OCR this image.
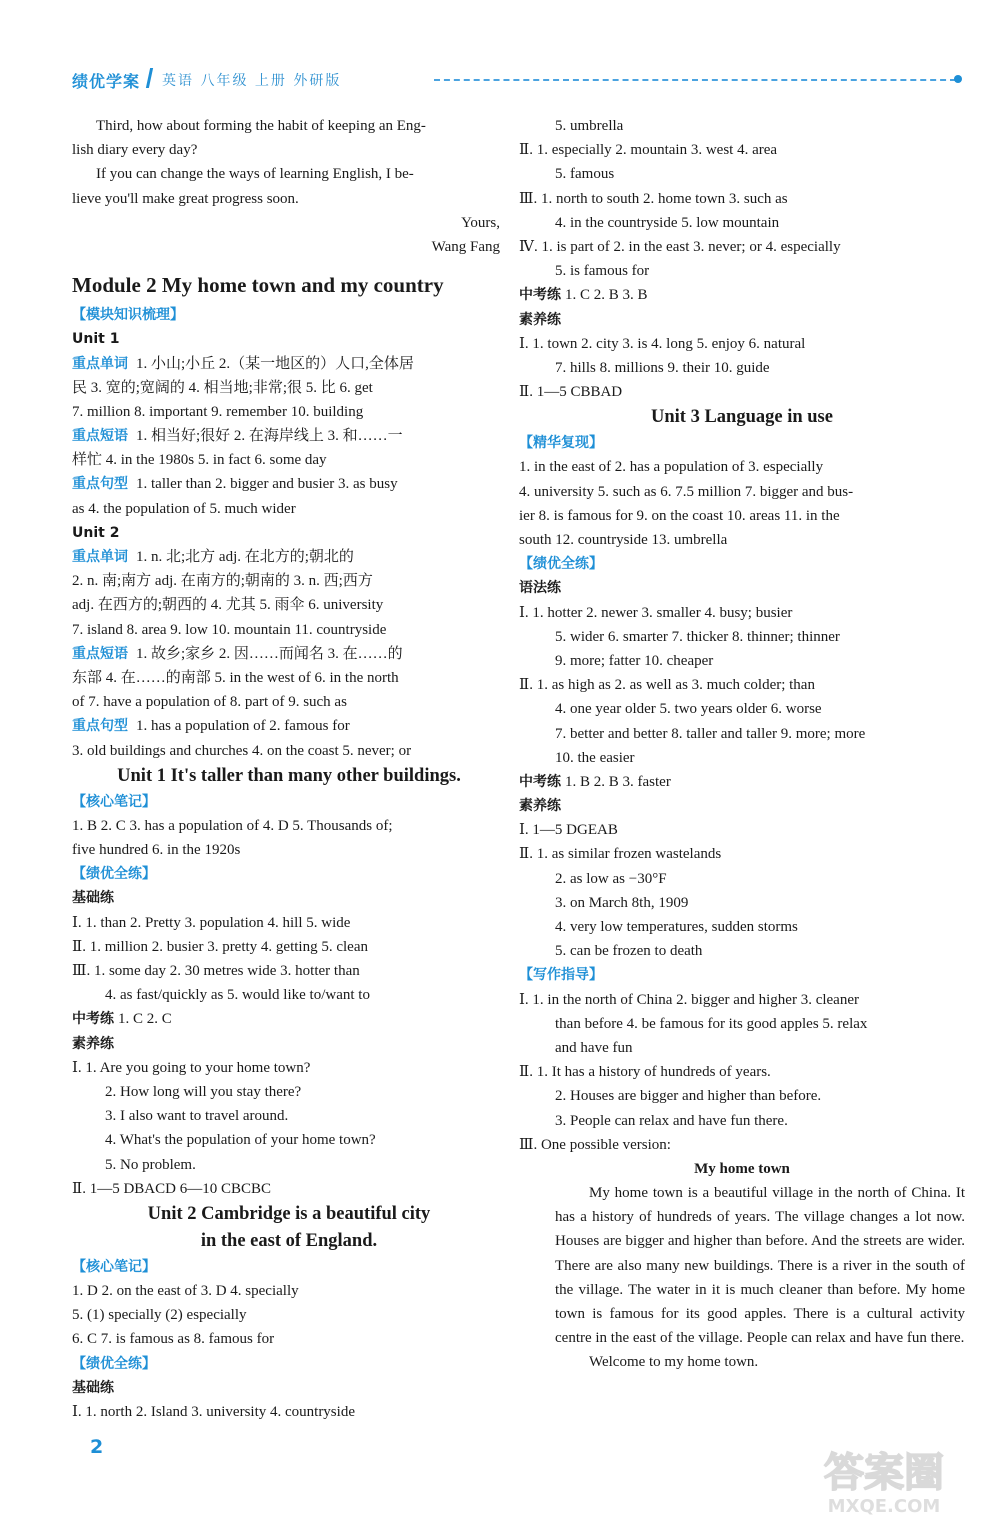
绩优学案 英语 八年级 上册 外研版
Third, how about forming the habit of keeping an Eng-
lish diary every day?
If you can change the ways of learning English, I be-
lieve you'll make great progress soon.
Yours,
Wang Fang
Module 2 My home town and my country
【模块知识梳理】
Unit 1
重点单词 1. 小山;小丘 2.（某一地区的）人口,全体居
民 3. 宽的;宽阔的 4. 相当地;非常;很 5. 比 6. get
7. million 8. important 9. remember 10. building
重点短语 1. 相当好;很好 2. 在海岸线上 3. 和……一
样忙 4. in the 1980s 5. in fact 6. some day
重点句型 1. taller than 2. bigger and busier 3. as busy
as 4. the population of 5. much wider
Unit 2
重点单词 1. n. 北;北方 adj. 在北方的;朝北的
2. n. 南;南方 adj. 在南方的;朝南的 3. n. 西;西方
adj. 在西方的;朝西的 4. 尤其 5. 雨伞 6. university
7. island 8. area 9. low 10. mountain 11. countryside
重点短语 1. 故乡;家乡 2. 因……而闻名 3. 在……的
东部 4. 在……的南部 5. in the west of 6. in the north
of 7. have a population of 8. part of 9. such as
重点句型 1. has a population of 2. famous for
3. old buildings and churches 4. on the coast 5. never; or
Unit 1 It's taller than many other buildings.
【核心笔记】
1. B 2. C 3. has a population of 4. D 5. Thousands of;
five hundred 6. in the 1920s
【绩优全练】
基础练
Ⅰ. 1. than 2. Pretty 3. population 4. hill 5. wide
Ⅱ. 1. million 2. busier 3. pretty 4. getting 5. clean
Ⅲ. 1. some day 2. 30 metres wide 3. hotter than
4. as fast/quickly as 5. would like to/want to
中考练 1. C 2. C
素养练
Ⅰ. 1. Are you going to your home town?
2. How long will you stay there?
3. I also want to travel around.
4. What's the population of your home town?
5. No problem.
Ⅱ. 1—5 DBACD 6—10 CBCBC
Unit 2 Cambridge is a beautiful city
in the east of England.
【核心笔记】
1. D 2. on the east of 3. D 4. specially
5. (1) specially (2) especially
6. C 7. is famous as 8. famous for
【绩优全练】
基础练
Ⅰ. 1. north 2. Island 3. university 4. countryside
5. umbrella
Ⅱ. 1. especially 2. mountain 3. west 4. area
5. famous
Ⅲ. 1. north to south 2. home town 3. such as
4. in the countryside 5. low mountain
Ⅳ. 1. is part of 2. in the east 3. never; or 4. especially
5. is famous for
中考练 1. C 2. B 3. B
素养练
Ⅰ. 1. town 2. city 3. is 4. long 5. enjoy 6. natural
7. hills 8. millions 9. their 10. guide
Ⅱ. 1—5 CBBAD
Unit 3 Language in use
【精华复现】
1. in the east of 2. has a population of 3. especially
4. university 5. such as 6. 7.5 million 7. bigger and bus-
ier 8. is famous for 9. on the coast 10. areas 11. in the
south 12. countryside 13. umbrella
【绩优全练】
语法练
Ⅰ. 1. hotter 2. newer 3. smaller 4. busy; busier
5. wider 6. smarter 7. thicker 8. thinner; thinner
9. more; fatter 10. cheaper
Ⅱ. 1. as high as 2. as well as 3. much colder; than
4. one year older 5. two years older 6. worse
7. better and better 8. taller and taller 9. more; more
10. the easier
中考练 1. B 2. B 3. faster
素养练
Ⅰ. 1—5 DGEAB
Ⅱ. 1. as similar frozen wastelands
2. as low as −30°F
3. on March 8th, 1909
4. very low temperatures, sudden storms
5. can be frozen to death
【写作指导】
Ⅰ. 1. in the north of China 2. bigger and higher 3. cleaner
than before 4. be famous for its good apples 5. relax
and have fun
Ⅱ. 1. It has a history of hundreds of years.
2. Houses are bigger and higher than before.
3. People can relax and have fun there.
Ⅲ. One possible version:
My home town

My home town is a beautiful village in the north of China. It has a history of hundreds of years. The village changes a lot now. Houses are bigger and higher than before. And the streets are wider. There are also many new buildings. There is a river in the south of the village. The water in it is much cleaner than before. My home town is famous for its good apples. There is a cultural activity centre in the east of the village. People can relax and have fun there.

Welcome to my home town.

2
答案圈
MXQE.COM
